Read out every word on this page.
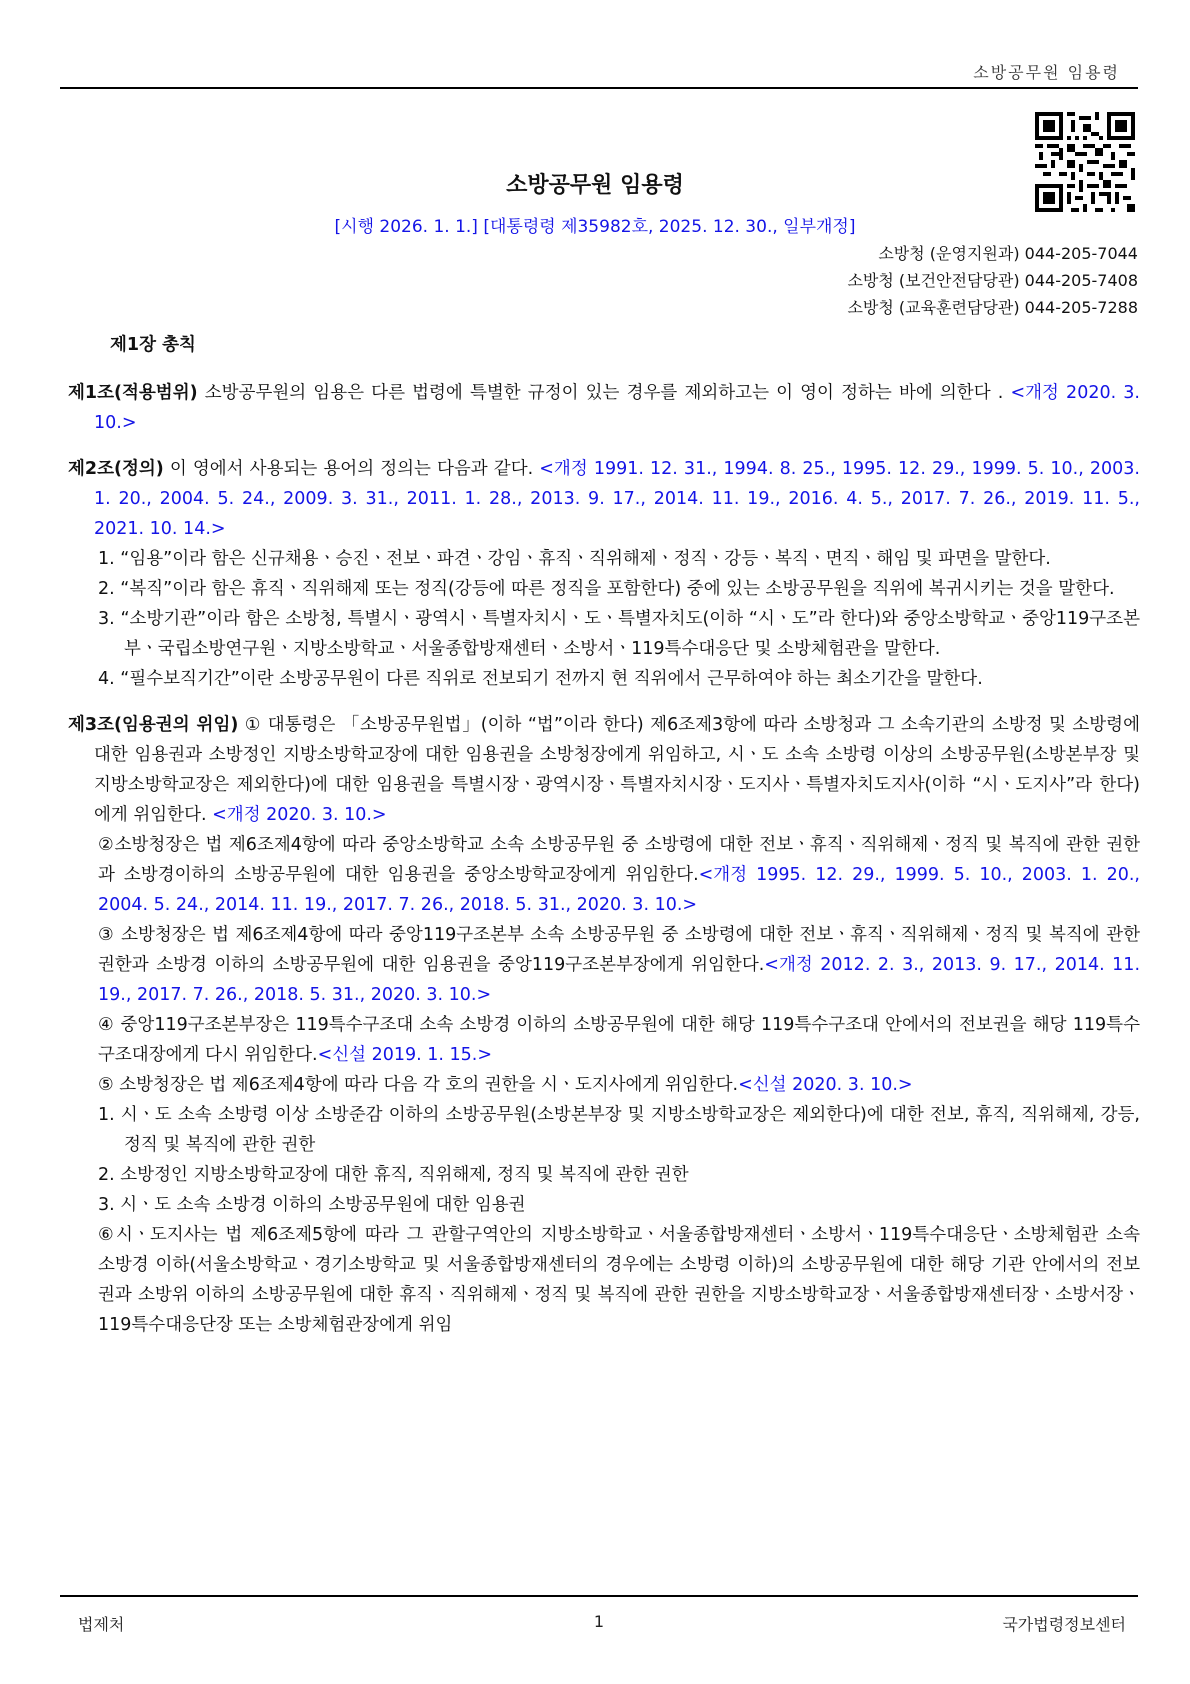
소방공무원 임용령
소방공무원 임용령
[시행 2026. 1. 1.] [대통령령 제35982호, 2025. 12. 30., 일부개정]
소방청 (운영지원과) 044-205-7044
소방청 (보건안전담당관) 044-205-7408
소방청 (교육훈련담당관) 044-205-7288
제1장 총칙
제1조(적용범위) 소방공무원의 임용은 다른 법령에 특별한 규정이 있는 경우를 제외하고는 이 영이 정하는 바에 의한다 . <개정 2020. 3. 10.>
제2조(정의) 이 영에서 사용되는 용어의 정의는 다음과 같다. <개정 1991. 12. 31., 1994. 8. 25., 1995. 12. 29., 1999. 5. 10., 2003. 1. 20., 2004. 5. 24., 2009. 3. 31., 2011. 1. 28., 2013. 9. 17., 2014. 11. 19., 2016. 4. 5., 2017. 7. 26., 2019. 11. 5., 2021. 10. 14.>
1. “임용”이라 함은 신규채용ㆍ승진ㆍ전보ㆍ파견ㆍ강임ㆍ휴직ㆍ직위해제ㆍ정직ㆍ강등ㆍ복직ㆍ면직ㆍ해임 및 파면을 말한다.
2. “복직”이라 함은 휴직ㆍ직위해제 또는 정직(강등에 따른 정직을 포함한다) 중에 있는 소방공무원을 직위에 복귀시키는 것을 말한다.
3. “소방기관”이라 함은 소방청, 특별시ㆍ광역시ㆍ특별자치시ㆍ도ㆍ특별자치도(이하 “시ㆍ도”라 한다)와 중앙소방학교ㆍ중앙119구조본부ㆍ국립소방연구원ㆍ지방소방학교ㆍ서울종합방재센터ㆍ소방서ㆍ119특수대응단 및 소방체험관을 말한다.
4. “필수보직기간”이란 소방공무원이 다른 직위로 전보되기 전까지 현 직위에서 근무하여야 하는 최소기간을 말한다.
제3조(임용권의 위임) ① 대통령은 「소방공무원법」(이하 “법”이라 한다) 제6조제3항에 따라 소방청과 그 소속기관의 소방정 및 소방령에 대한 임용권과 소방정인 지방소방학교장에 대한 임용권을 소방청장에게 위임하고, 시ㆍ도 소속 소방령 이상의 소방공무원(소방본부장 및 지방소방학교장은 제외한다)에 대한 임용권을 특별시장ㆍ광역시장ㆍ특별자치시장ㆍ도지사ㆍ특별자치도지사(이하 “시ㆍ도지사”라 한다)에게 위임한다. <개정 2020. 3. 10.>
②소방청장은 법 제6조제4항에 따라 중앙소방학교 소속 소방공무원 중 소방령에 대한 전보ㆍ휴직ㆍ직위해제ㆍ정직 및 복직에 관한 권한과 소방경이하의 소방공무원에 대한 임용권을 중앙소방학교장에게 위임한다.<개정 1995. 12. 29., 1999. 5. 10., 2003. 1. 20., 2004. 5. 24., 2014. 11. 19., 2017. 7. 26., 2018. 5. 31., 2020. 3. 10.>
③ 소방청장은 법 제6조제4항에 따라 중앙119구조본부 소속 소방공무원 중 소방령에 대한 전보ㆍ휴직ㆍ직위해제ㆍ정직 및 복직에 관한 권한과 소방경 이하의 소방공무원에 대한 임용권을 중앙119구조본부장에게 위임한다.<개정 2012. 2. 3., 2013. 9. 17., 2014. 11. 19., 2017. 7. 26., 2018. 5. 31., 2020. 3. 10.>
④ 중앙119구조본부장은 119특수구조대 소속 소방경 이하의 소방공무원에 대한 해당 119특수구조대 안에서의 전보권을 해당 119특수구조대장에게 다시 위임한다.<신설 2019. 1. 15.>
⑤ 소방청장은 법 제6조제4항에 따라 다음 각 호의 권한을 시ㆍ도지사에게 위임한다.<신설 2020. 3. 10.>
1. 시ㆍ도 소속 소방령 이상 소방준감 이하의 소방공무원(소방본부장 및 지방소방학교장은 제외한다)에 대한 전보, 휴직, 직위해제, 강등, 정직 및 복직에 관한 권한
2. 소방정인 지방소방학교장에 대한 휴직, 직위해제, 정직 및 복직에 관한 권한
3. 시ㆍ도 소속 소방경 이하의 소방공무원에 대한 임용권
⑥시ㆍ도지사는 법 제6조제5항에 따라 그 관할구역안의 지방소방학교ㆍ서울종합방재센터ㆍ소방서ㆍ119특수대응단ㆍ소방체험관 소속 소방경 이하(서울소방학교ㆍ경기소방학교 및 서울종합방재센터의 경우에는 소방령 이하)의 소방공무원에 대한 해당 기관 안에서의 전보권과 소방위 이하의 소방공무원에 대한 휴직ㆍ직위해제ㆍ정직 및 복직에 관한 권한을 지방소방학교장ㆍ서울종합방재센터장ㆍ소방서장ㆍ119특수대응단장 또는 소방체험관장에게 위임
법제처	1	국가법령정보센터
